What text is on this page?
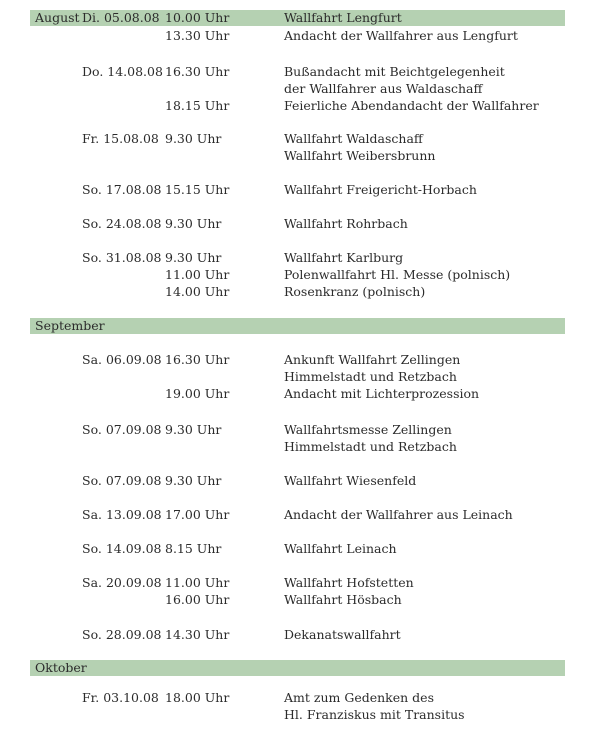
August
September
Oktober
Di. 05.08.08 10.00 Uhr	Wallfahrt Lengfurt
13.30 Uhr	Andacht der Wallfahrer aus Lengfurt
Do. 14.08.08 16.30 Uhr	Bußandacht mit Beichtgelegenheit
der Wallfahrer aus Waldaschaff
18.15 Uhr	Feierliche Abendandacht der Wallfahrer
Fr. 15.08.08 9.30 Uhr	Wallfahrt Waldaschaff
Wallfahrt Weibersbrunn
So. 17.08.08 15.15 Uhr	Wallfahrt Freigericht-Horbach
So. 24.08.08 9.30 Uhr	Wallfahrt Rohrbach
So. 31.08.08 9.30 Uhr	Wallfahrt Karlburg
11.00 Uhr	Polenwallfahrt Hl. Messe (polnisch)
14.00 Uhr	Rosenkranz (polnisch)
Sa. 06.09.08 16.30 Uhr	Ankunft Wallfahrt Zellingen
Himmelstadt und Retzbach
19.00 Uhr	Andacht mit Lichterprozession
So. 07.09.08 9.30 Uhr	Wallfahrtsmesse Zellingen
Himmelstadt und Retzbach
So. 07.09.08 9.30 Uhr	Wallfahrt Wiesenfeld
Sa. 13.09.08 17.00 Uhr	Andacht der Wallfahrer aus Leinach
So. 14.09.08 8.15 Uhr	Wallfahrt Leinach
Sa. 20.09.08 11.00 Uhr	Wallfahrt Hofstetten
16.00 Uhr	Wallfahrt Hösbach
So. 28.09.08 14.30 Uhr	Dekanatswallfahrt
Fr. 03.10.08 18.00 Uhr	Amt zum Gedenken des
Hl. Franziskus mit Transitus
